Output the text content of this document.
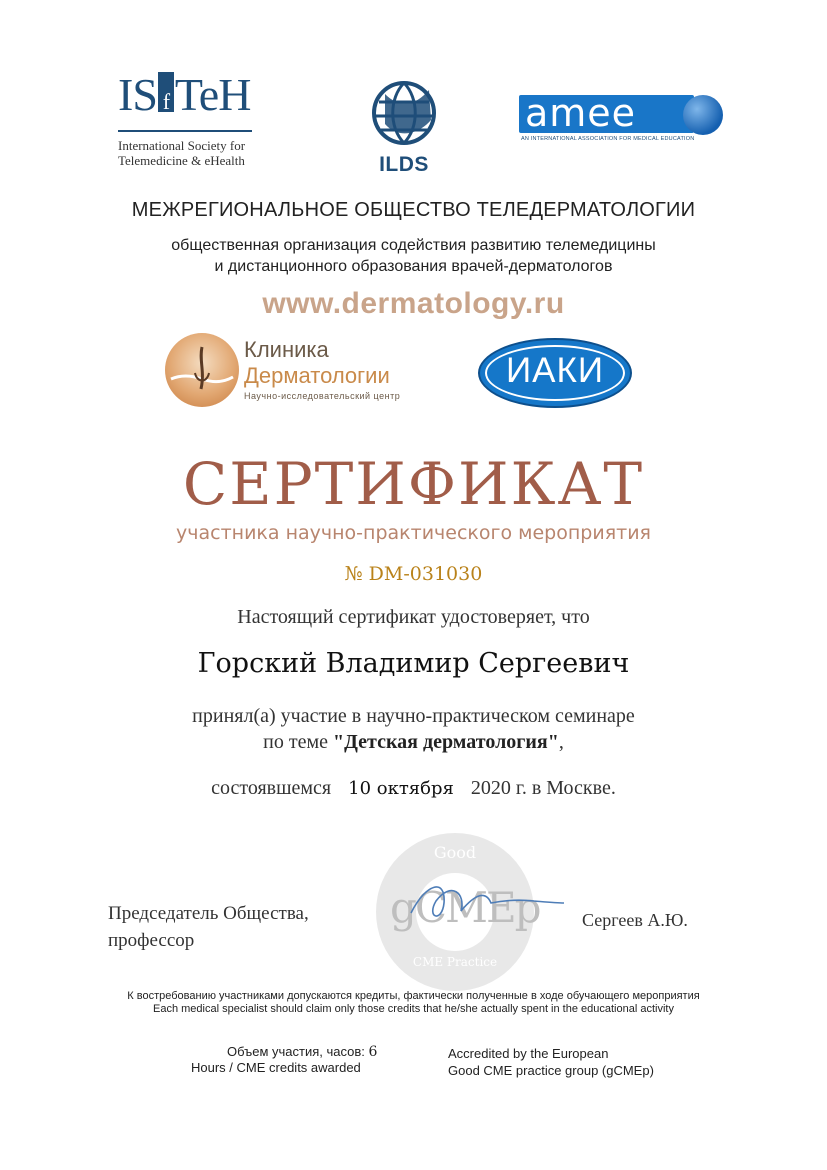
IS f TeH
International Society for
Telemedicine & eHealth	ILDS
amee
AN INTERNATIONAL ASSOCIATION FOR MEDICAL EDUCATION
МЕЖРЕГИОНАЛЬНОЕ ОБЩЕСТВО ТЕЛЕДЕРМАТОЛОГИИ
общественная организация содействия развитию телемедицины
и дистанционного образования врачей-дерматологов
www.dermatology.ru
Клиника
Дерматологии
Научно-исследовательский центр
ИАКИ
СЕРТИФИКАТ
участника научно-практического мероприятия
№ DM-031030
Настоящий сертификат удостоверяет, что
Горский Владимир Сергеевич
принял(а) участие в научно-практическом семинаре
по теме "Детская дерматология",
состоявшемся 10 октября 2020 г. в Москве.
Good
gCMEp
CME Practice
Председатель Общества,
профессор
Сергеев А.Ю.
К востребованию участниками допускаются кредиты, фактически полученные в ходе обучающего мероприятия
Each medical specialist should claim only those credits that he/she actually spent in the educational activity
Объем участия, часов: 6
Hours / CME credits awarded
Accredited by the European
Good CME practice group (gCMEp)
